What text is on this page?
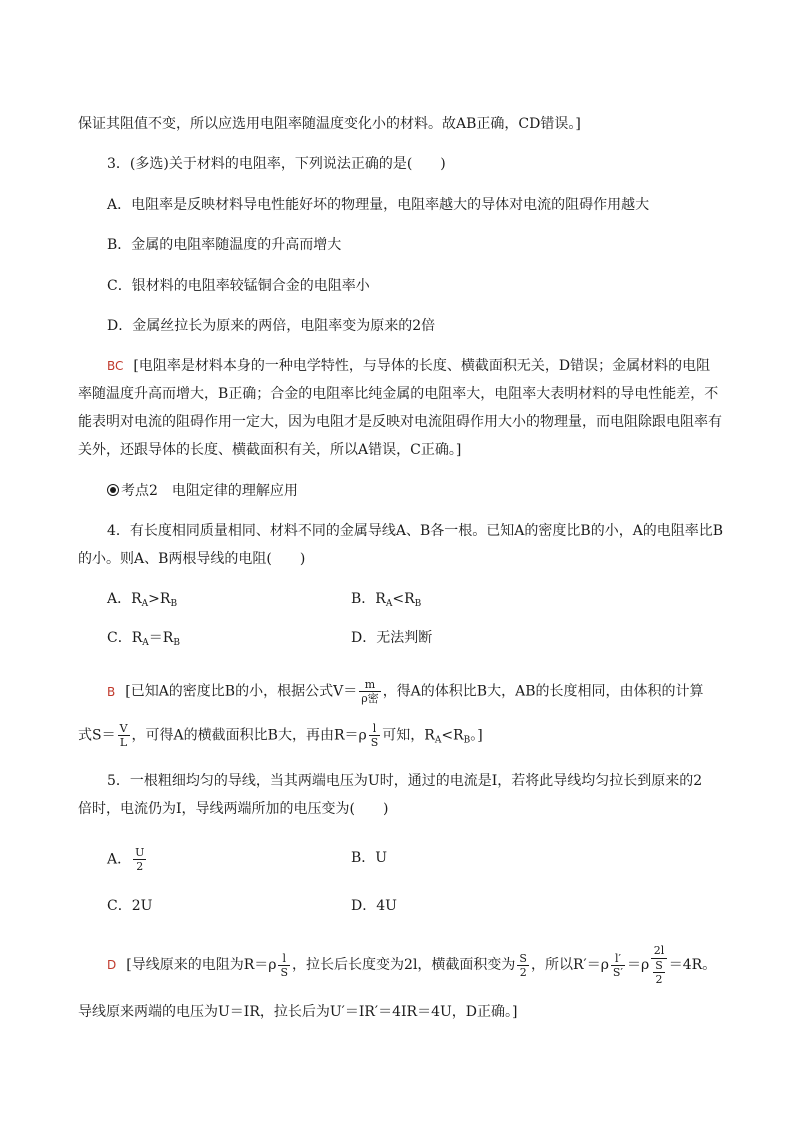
保证其阻值不变，所以应选用电阻率随温度变化小的材料。故AB正确，CD错误。]
3．(多选)关于材料的电阻率，下列说法正确的是(　　)
A．电阻率是反映材料导电性能好坏的物理量，电阻率越大的导体对电流的阻碍作用越大
B．金属的电阻率随温度的升高而增大
C．银材料的电阻率较锰铜合金的电阻率小
D．金属丝拉长为原来的两倍，电阻率变为原来的2倍
BC [电阻率是材料本身的一种电学特性，与导体的长度、横截面积无关，D错误；金属材料的电阻
率随温度升高而增大，B正确；合金的电阻率比纯金属的电阻率大，电阻率大表明材料的导电性能差，不
能表明对电流的阻碍作用一定大，因为电阻才是反映对电流阻碍作用大小的物理量，而电阻除跟电阻率有
关外，还跟导体的长度、横截面积有关，所以A错误，C正确。]
考点2　电阻定律的理解应用
4．有长度相同质量相同、材料不同的金属导线A、B各一根。已知A的密度比B的小，A的电阻率比B
的小。则A、B两根导线的电阻(　　)
A．$R_A>R_B$	B．$R_A<R_B$
C．$R_A=R_B$	D．无法判断
B [已知A的密度比B的小，根据公式$V= \frac{m}{\text{ρ密}}$ ，得A的体积比B大，AB的长度相同，由体积的计算
式$S= \frac{V}{L}$ ，可得A的横截面积比B大，再由$R=\rho \frac{l}{S}$ 可知，$R_A<R_B$。]
5．一根粗细均匀的导线，当其两端电压为U时，通过的电流是I，若将此导线均匀拉长到原来的2
倍时，电流仍为I，导线两端所加的电压变为(　　)
A． $\frac{U}{2}$	B．U
C．2U	D．4U
D [导线原来的电阻为$R=\rho \frac{l}{S}$ ，拉长后长度变为2l，横截面积变为 $\frac{S}{2}$ ，所以$R'=\rho \frac{l'}{S'} =\rho \frac{2l}{\frac{S}{2}} =4R$。
导线原来两端的电压为U＝IR，拉长后为U′＝IR′＝4IR＝4U，D正确。]
